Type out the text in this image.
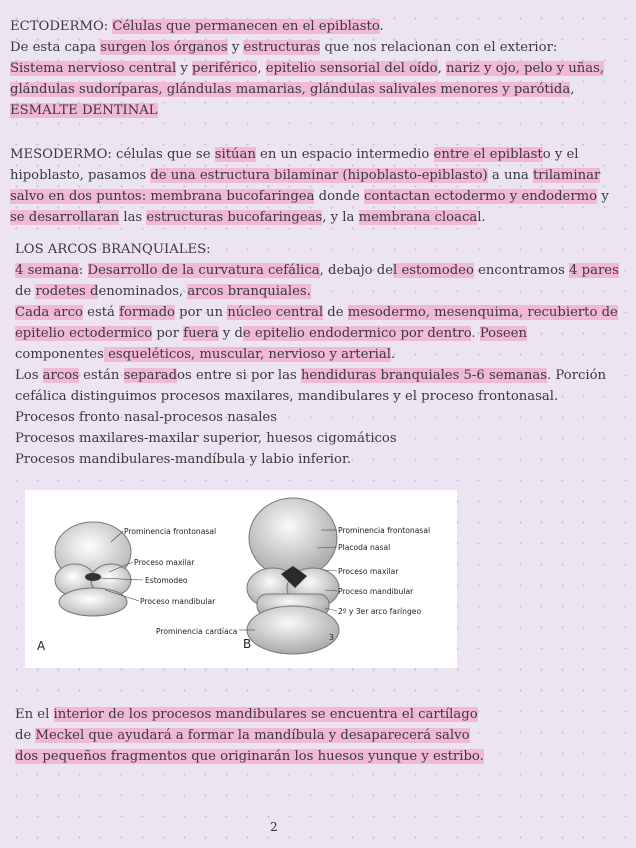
ECTODERMO: Células que permanecen en el epiblasto.

De esta capa surgen los órganos y estructuras que nos relacionan con el exterior:

Sistema nervioso central y periférico, epitelio sensorial del oído, nariz y ojo, pelo y uñas,

glándulas sudoríparas, glándulas mamarias, glándulas salivales menores y parótida,

ESMALTE DENTINAL

MESODERMO: células que se sitúan en un espacio intermedio entre el epiblasto y el

hipoblasto, pasamos de una estructura bilaminar (hipoblasto-epiblasto) a una trilaminar

salvo en dos puntos: membrana bucofaringea donde contactan ectodermo y endodermo y

se desarrollaran las estructuras bucofaringeas, y la membrana cloacal.

LOS ARCOS BRANQUIALES:

4 semana: Desarrollo de la curvatura cefálica, debajo del estomodeo encontramos 4 pares

de rodetes denominados, arcos branquiales.

Cada arco está formado por un núcleo central de mesodermo, mesenquima, recubierto de

epitelio ectodermico por fuera y de epitelio endodermico por dentro. Poseen

componentes esqueléticos, muscular, nervioso y arterial.

Los arcos están separados entre si por las hendiduras branquiales 5-6 semanas. Porción

cefálica distinguimos procesos maxilares, mandibulares y el proceso frontonasal.

Procesos fronto nasal-procesos nasales

Procesos maxilares-maxilar superior, huesos cigomáticos

Procesos mandibulares-mandíbula y labio inferior.

Prominencia frontonasal
Proceso maxilar
Estomodeo
Proceso mandibular
Prominencia cardíaca
Prominencia frontonasal
Placoda nasal
Proceso maxilar
Proceso mandibular
2º y 3er arco faríngeo
A	B	3

En el interior de los procesos mandibulares se encuentra el cartílago

de Meckel que ayudará a formar la mandíbula y desaparecerá salvo

dos pequeños fragmentos que originarán los huesos yunque y estribo.

2
